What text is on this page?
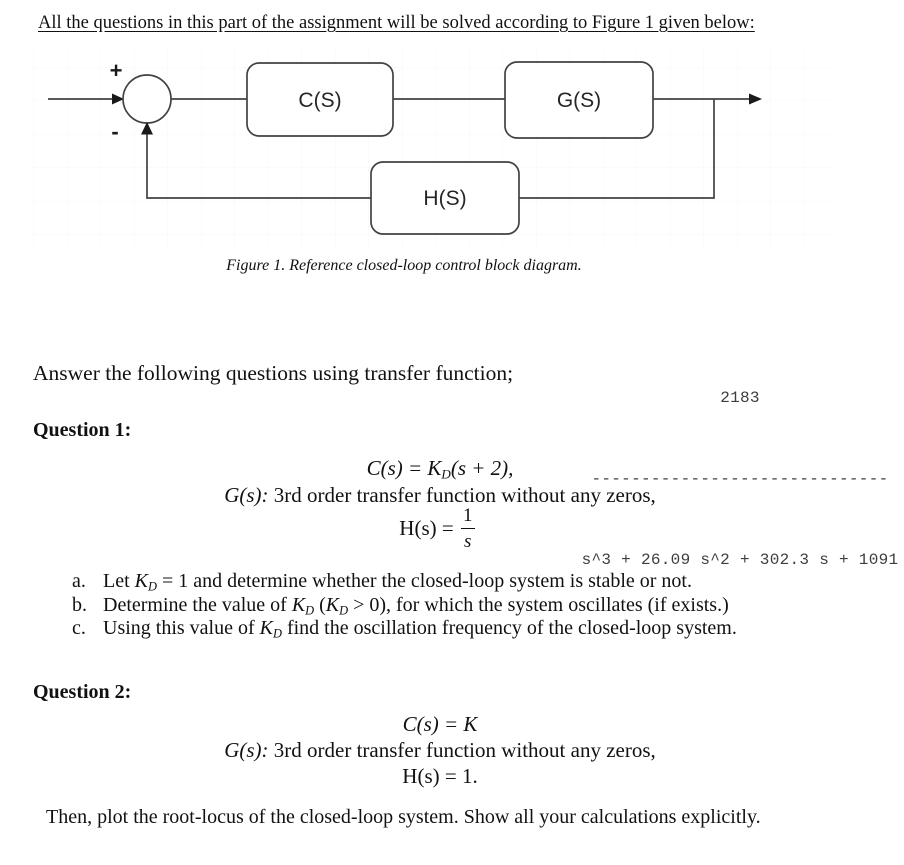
All the questions in this part of the assignment will be solved according to Figure 1 given below:
+
-
C(S)	G(S)
H(S)
Figure 1. Reference closed-loop control block diagram.
Answer the following questions using transfer function;

2183

------------------------------

s^3 + 26.09 s^2 + 302.3 s + 1091

Question 1:
$C(s) = K_D(s + 2)$,
G(s): 3rd order transfer function without any zeros,
$H(s) = \frac{1}{s}$
a. Let $K_D = 1$ and determine whether the closed-loop system is stable or not.
b. Determine the value of $K_D$ $(K_D > 0)$, for which the system oscillates (if exists.)
c. Using this value of $K_D$ find the oscillation frequency of the closed-loop system.
Question 2:
C(s) = K
G(s): 3rd order transfer function without any zeros,
H(s) = 1.
Then, plot the root-locus of the closed-loop system. Show all your calculations explicitly.
